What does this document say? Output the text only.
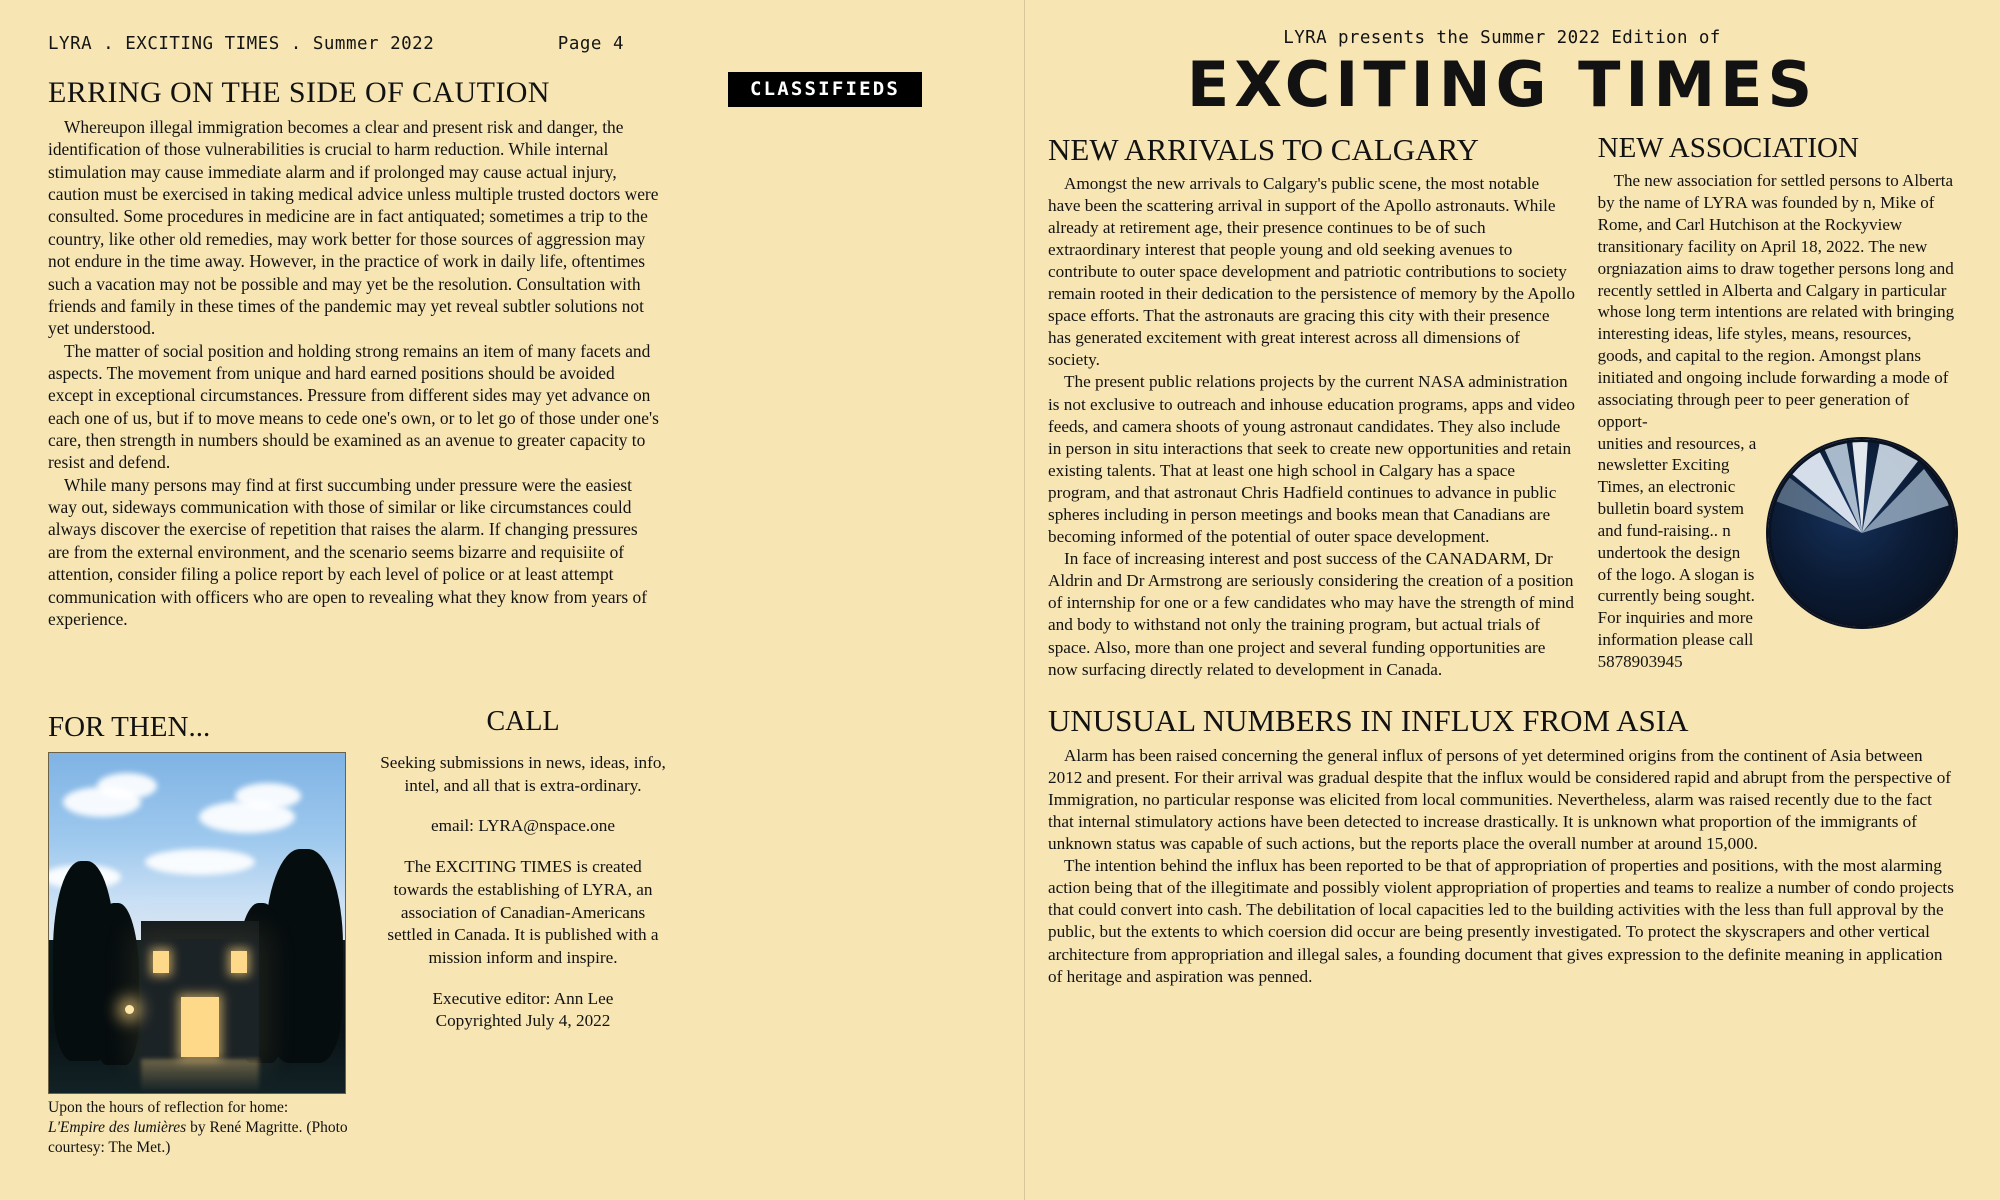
LYRA . EXCITING TIMES . Summer 2022	Page 4
CLASSIFIEDS
ERRING ON THE SIDE OF CAUTION

Whereupon illegal immigration becomes a clear and present risk and danger, the identification of those vulnerabilities is crucial to harm reduction. While internal stimulation may cause immediate alarm and if prolonged may cause actual injury, caution must be exercised in taking medical advice unless multiple trusted doctors were consulted. Some procedures in medicine are in fact antiquated; sometimes a trip to the country, like other old remedies, may work better for those sources of aggression may not endure in the time away. However, in the practice of work in daily life, oftentimes such a vacation may not be possible and may yet be the resolution. Consultation with friends and family in these times of the pandemic may yet reveal subtler solutions not yet understood.

The matter of social position and holding strong remains an item of many facets and aspects. The movement from unique and hard earned positions should be avoided except in exceptional circumstances. Pressure from different sides may yet advance on each one of us, but if to move means to cede one's own, or to let go of those under one's care, then strength in numbers should be examined as an avenue to greater capacity to resist and defend.

While many persons may find at first succumbing under pressure were the easiest way out, sideways communication with those of similar or like circumstances could always discover the exercise of repetition that raises the alarm. If changing pressures are from the external environment, and the scenario seems bizarre and requisiite of attention, consider filing a police report by each level of police or at least attempt communication with officers who are open to revealing what they know from years of experience.

FOR THEN...
Upon the hours of reflection for home:
L'Empire des lumières by René Magritte. (Photo courtesy: The Met.)
CALL

Seeking submissions in news, ideas, info, intel, and all that is extra-ordinary.

email: LYRA@nspace.one

The EXCITING TIMES is created towards the establishing of LYRA, an association of Canadian-Americans settled in Canada. It is published with a mission inform and inspire.

Executive editor: Ann Lee

Copyrighted July 4, 2022

LYRA presents the Summer 2022 Edition of
EXCITING TIMES
NEW ARRIVALS TO CALGARY

Amongst the new arrivals to Calgary's public scene, the most notable have been the scattering arrival in support of the Apollo astronauts. While already at retirement age, their presence continues to be of such extraordinary interest that people young and old seeking avenues to contribute to outer space development and patriotic contributions to society remain rooted in their dedication to the persistence of memory by the Apollo space efforts. That the astronauts are gracing this city with their presence has generated excitement with great interest across all dimensions of society.

The present public relations projects by the current NASA administration is not exclusive to outreach and inhouse education programs, apps and video feeds, and camera shoots of young astronaut candidates. They also include in person in situ interactions that seek to create new opportunities and retain existing talents. That at least one high school in Calgary has a space program, and that astronaut Chris Hadfield continues to advance in public spheres including in person meetings and books mean that Canadians are becoming informed of the potential of outer space development.

In face of increasing interest and post success of the CANADARM, Dr Aldrin and Dr Armstrong are seriously considering the creation of a position of internship for one or a few candidates who may have the strength of mind and body to withstand not only the training program, but actual trials of space. Also, more than one project and several funding opportunities are now surfacing directly related to development in Canada.

NEW ASSOCIATION

The new association for settled persons to Alberta by the name of LYRA was founded by n, Mike of Rome, and Carl Hutchison at the Rockyview transitionary facility on April 18, 2022. The new orgniazation aims to draw together persons long and recently settled in Alberta and Calgary in particular whose long term intentions are related with bringing interesting ideas, life styles, means, resources, goods, and capital to the region. Amongst plans initiated and ongoing include forwarding a mode of associating through peer to peer generation of opport-

unities and resources, a newsletter Exciting Times, an electronic bulletin board system and fund-raising.. n undertook the design of the logo. A slogan is currently being sought. For inquiries and more information please call 5878903945

UNUSUAL NUMBERS IN INFLUX FROM ASIA

Alarm has been raised concerning the general influx of persons of yet determined origins from the continent of Asia between 2012 and present. For their arrival was gradual despite that the influx would be considered rapid and abrupt from the perspective of Immigration, no particular response was elicited from local communities. Nevertheless, alarm was raised recently due to the fact that internal stimulatory actions have been detected to increase drastically. It is unknown what proportion of the immigrants of unknown status was capable of such actions, but the reports place the overall number at around 15,000.

The intention behind the influx has been reported to be that of appropriation of properties and positions, with the most alarming action being that of the illegitimate and possibly violent appropriation of properties and teams to realize a number of condo projects that could convert into cash. The debilitation of local capacities led to the building activities with the less than full approval by the public, but the extents to which coersion did occur are being presently investigated. To protect the skyscrapers and other vertical architecture from appropriation and illegal sales, a founding document that gives expression to the definite meaning in application of heritage and aspiration was penned.
